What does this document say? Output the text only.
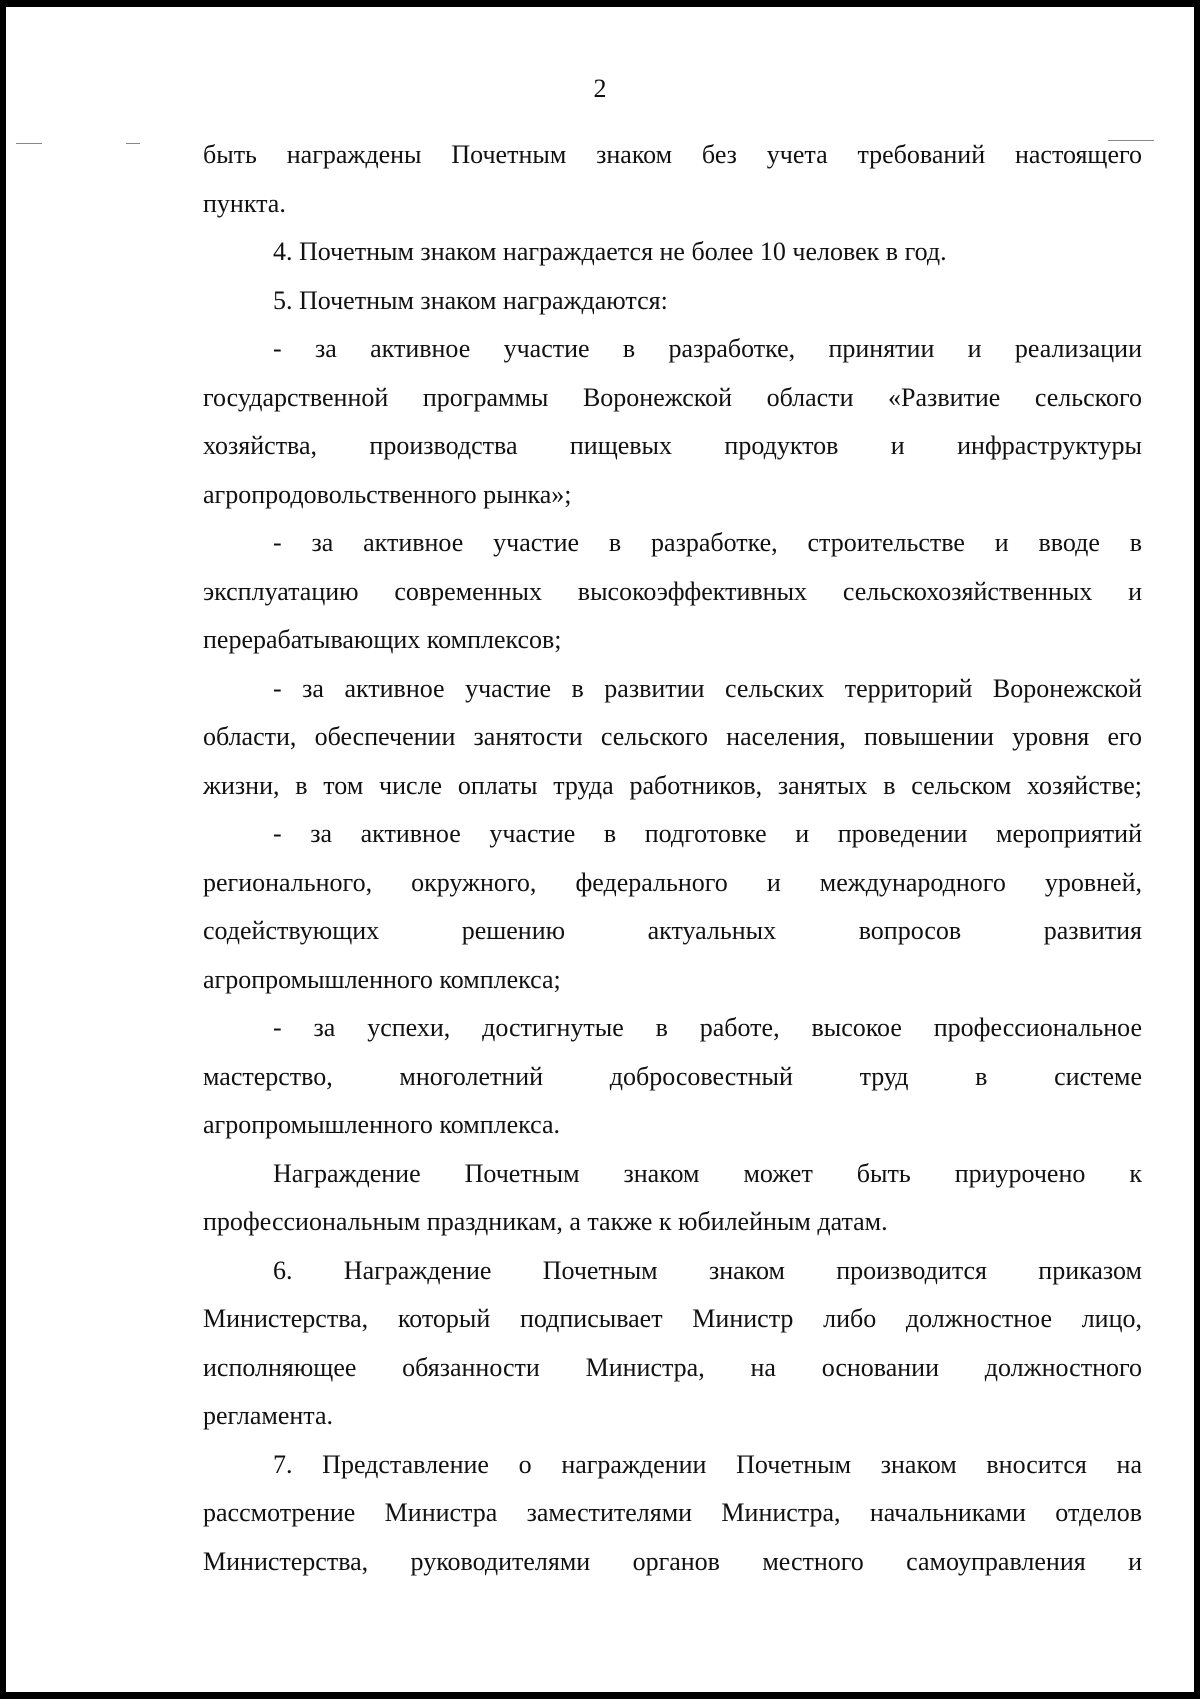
2
быть награждены Почетным знаком без учета требований настоящего
пункта.
4. Почетным знаком награждается не более 10 человек в год.
5. Почетным знаком награждаются:
- за активное участие в разработке, принятии и реализации
государственной программы Воронежской области «Развитие сельского
хозяйства, производства пищевых продуктов и инфраструктуры
агропродовольственного рынка»;
- за активное участие в разработке, строительстве и вводе в
эксплуатацию современных высокоэффективных сельскохозяйственных и
перерабатывающих комплексов;
- за активное участие в развитии сельских территорий Воронежской
области, обеспечении занятости сельского населения, повышении уровня его
жизни, в том числе оплаты труда работников, занятых в сельском хозяйстве;
- за активное участие в подготовке и проведении мероприятий
регионального, окружного, федерального и международного уровней,
содействующих решению актуальных вопросов развития
агропромышленного комплекса;
- за успехи, достигнутые в работе, высокое профессиональное
мастерство, многолетний добросовестный труд в системе
агропромышленного комплекса.
Награждение Почетным знаком может быть приурочено к
профессиональным праздникам, а также к юбилейным датам.
6. Награждение Почетным знаком производится приказом
Министерства, который подписывает Министр либо должностное лицо,
исполняющее обязанности Министра, на основании должностного
регламента.
7. Представление о награждении Почетным знаком вносится на
рассмотрение Министра заместителями Министра, начальниками отделов
Министерства, руководителями органов местного самоуправления и
